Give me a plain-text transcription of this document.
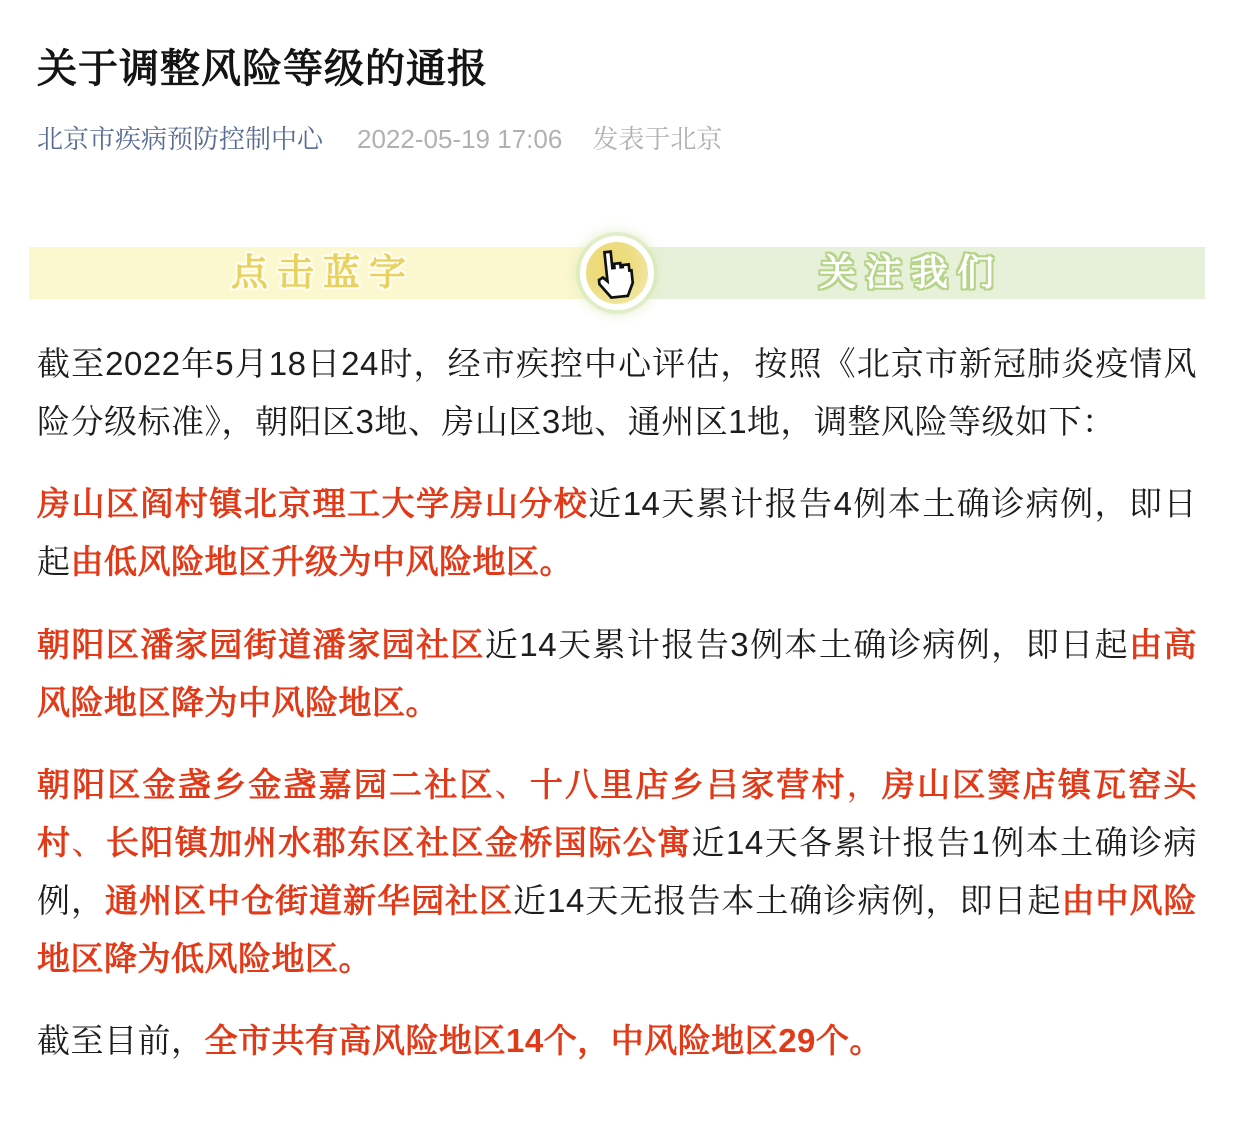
关于调整风险等级的通报
北京市疾病预防控制中心 2022-05-19 17:06 发表于北京
点击蓝字	关注我们

截至2022年5月18日24时，经市疾控中心评估，按照《北京市新冠肺炎疫情风险分级标准》，朝阳区3地、房山区3地、通州区1地，调整风险等级如下：

房山区阎村镇北京理工大学房山分校近14天累计报告4例本土确诊病例，即日起由低风险地区升级为中风险地区。

朝阳区潘家园街道潘家园社区近14天累计报告3例本土确诊病例，即日起由高风险地区降为中风险地区。

朝阳区金盏乡金盏嘉园二社区、十八里店乡吕家营村，房山区窦店镇瓦窑头村、长阳镇加州水郡东区社区金桥国际公寓近14天各累计报告1例本土确诊病例，通州区中仓街道新华园社区近14天无报告本土确诊病例，即日起由中风险地区降为低风险地区。

截至目前，全市共有高风险地区14个，中风险地区29个。
